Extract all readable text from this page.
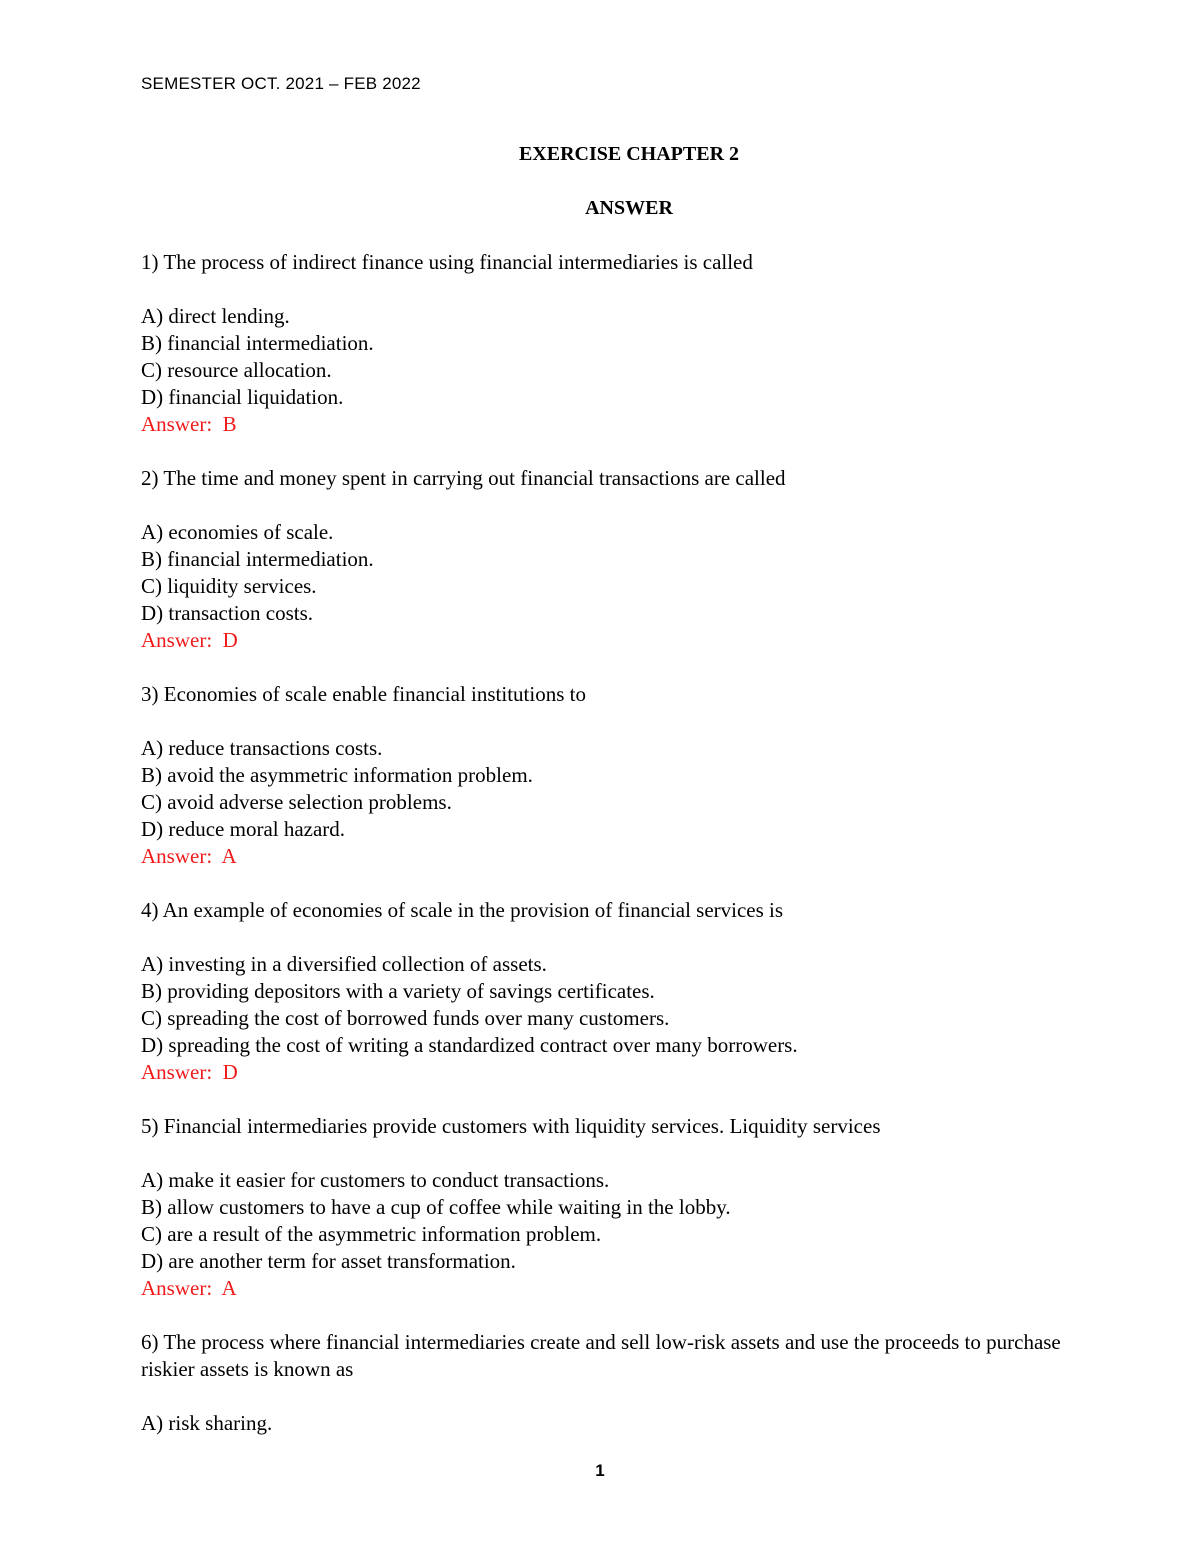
SEMESTER OCT. 2021 – FEB 2022

EXERCISE CHAPTER 2

ANSWER

1) The process of indirect finance using financial intermediaries is called

A) direct lending.

B) financial intermediation.

C) resource allocation.

D) financial liquidation.

Answer:  B

2) The time and money spent in carrying out financial transactions are called

A) economies of scale.

B) financial intermediation.

C) liquidity services.

D) transaction costs.

Answer:  D

3) Economies of scale enable financial institutions to

A) reduce transactions costs.

B) avoid the asymmetric information problem.

C) avoid adverse selection problems.

D) reduce moral hazard.

Answer:  A

4) An example of economies of scale in the provision of financial services is

A) investing in a diversified collection of assets.

B) providing depositors with a variety of savings certificates.

C) spreading the cost of borrowed funds over many customers.

D) spreading the cost of writing a standardized contract over many borrowers.

Answer:  D

5) Financial intermediaries provide customers with liquidity services. Liquidity services

A) make it easier for customers to conduct transactions.

B) allow customers to have a cup of coffee while waiting in the lobby.

C) are a result of the asymmetric information problem.

D) are another term for asset transformation.

Answer:  A

6) The process where financial intermediaries create and sell low-risk assets and use the proceeds to purchase riskier assets is known as

A) risk sharing.

1
